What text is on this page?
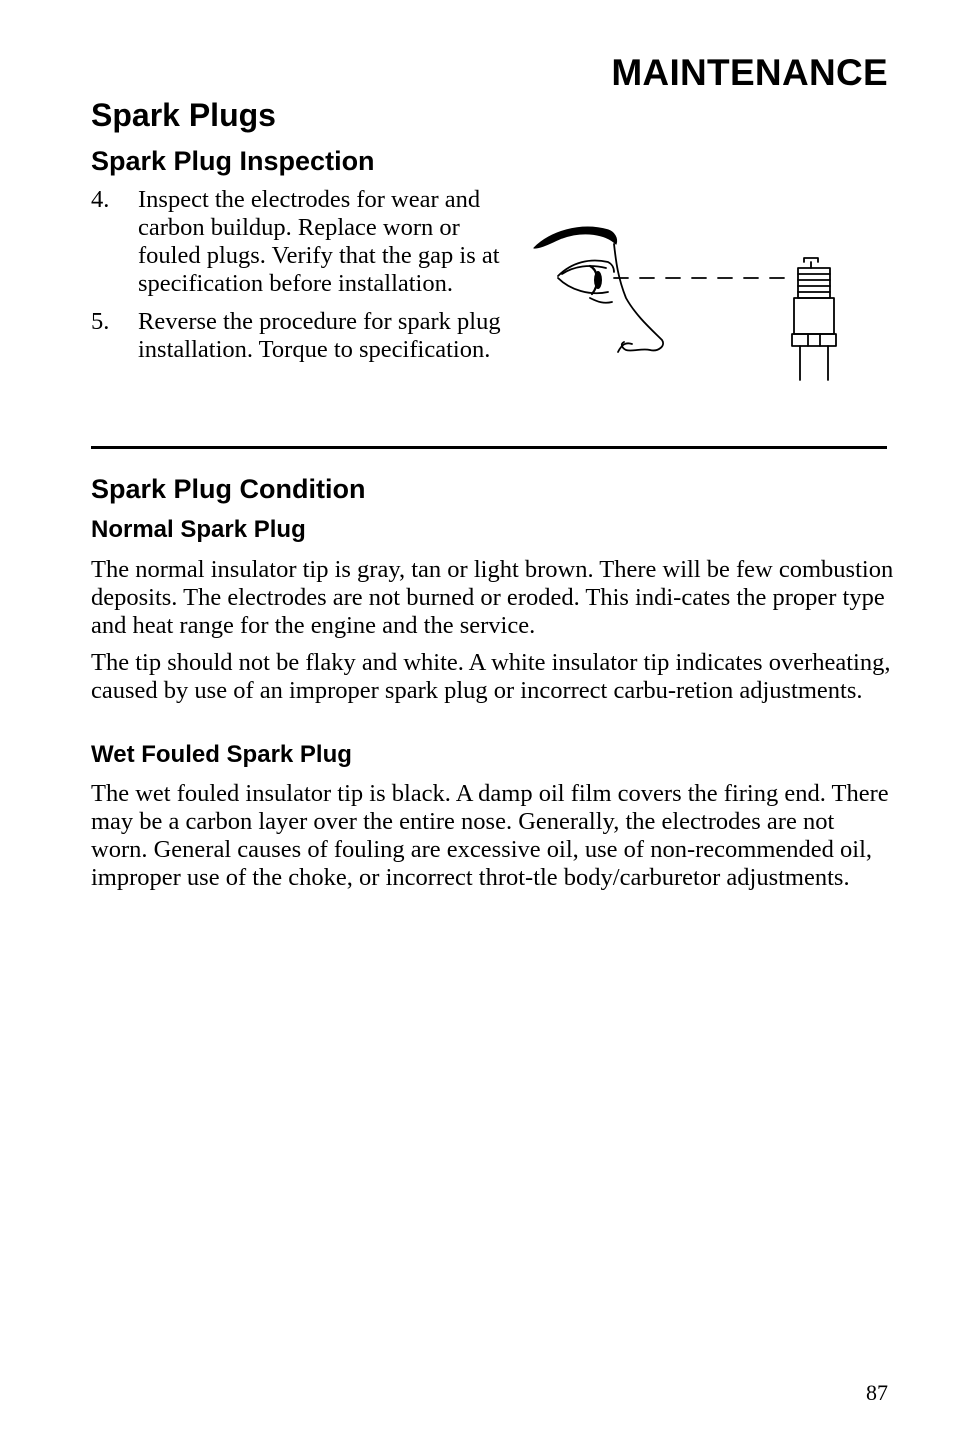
MAINTENANCE
Spark Plugs
Spark Plug Inspection
4. Inspect the electrodes for wear and carbon buildup. Replace worn or fouled plugs. Verify that the gap is at specification before installation.
5. Reverse the procedure for spark plug installation. Torque to specification.
Spark Plug Condition
Normal Spark Plug

The normal insulator tip is gray, tan or light brown. There will be few combustion deposits. The electrodes are not burned or eroded. This indi-cates the proper type and heat range for the engine and the service.

The tip should not be flaky and white. A white insulator tip indicates overheating, caused by use of an improper spark plug or incorrect carbu-retion adjustments.

Wet Fouled Spark Plug

The wet fouled insulator tip is black. A damp oil film covers the firing end. There may be a carbon layer over the entire nose. Generally, the electrodes are not worn. General causes of fouling are excessive oil, use of non-recommended oil, improper use of the choke, or incorrect throt-tle body/carburetor adjustments.

87
